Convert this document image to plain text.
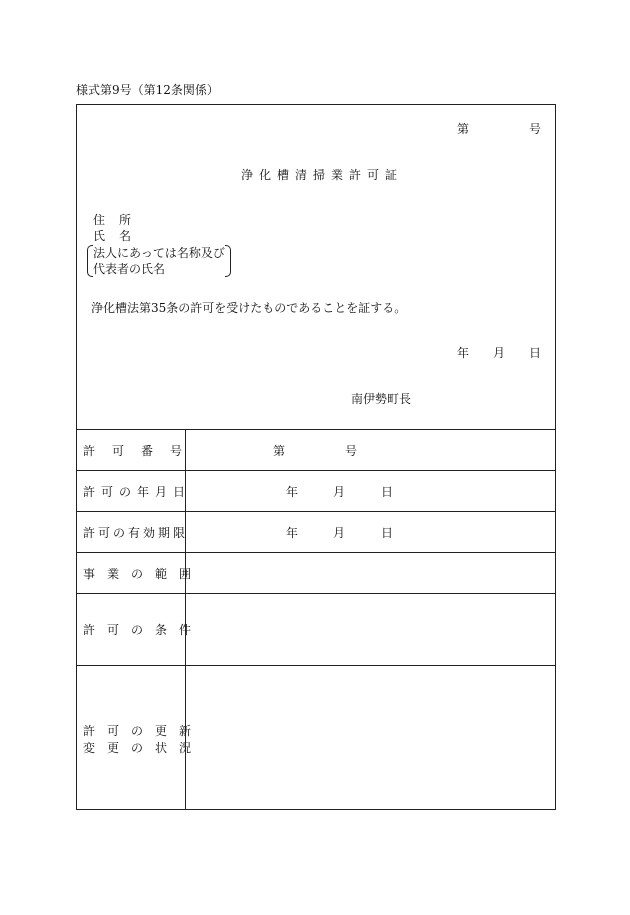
様式第9号（第12条関係）
第	号
浄化槽清掃業許可証
住所
氏名
法人にあっては名称及び
代表者の氏名
浄化槽法第35条の許可を受けたものであることを証する。
年 月 日
南伊勢町長
許可番号	第	号
許可の年月日	年	月	日
許可の有効期限	年	月	日
事業の範囲
許可の条件
許可の更新
変更の状況
